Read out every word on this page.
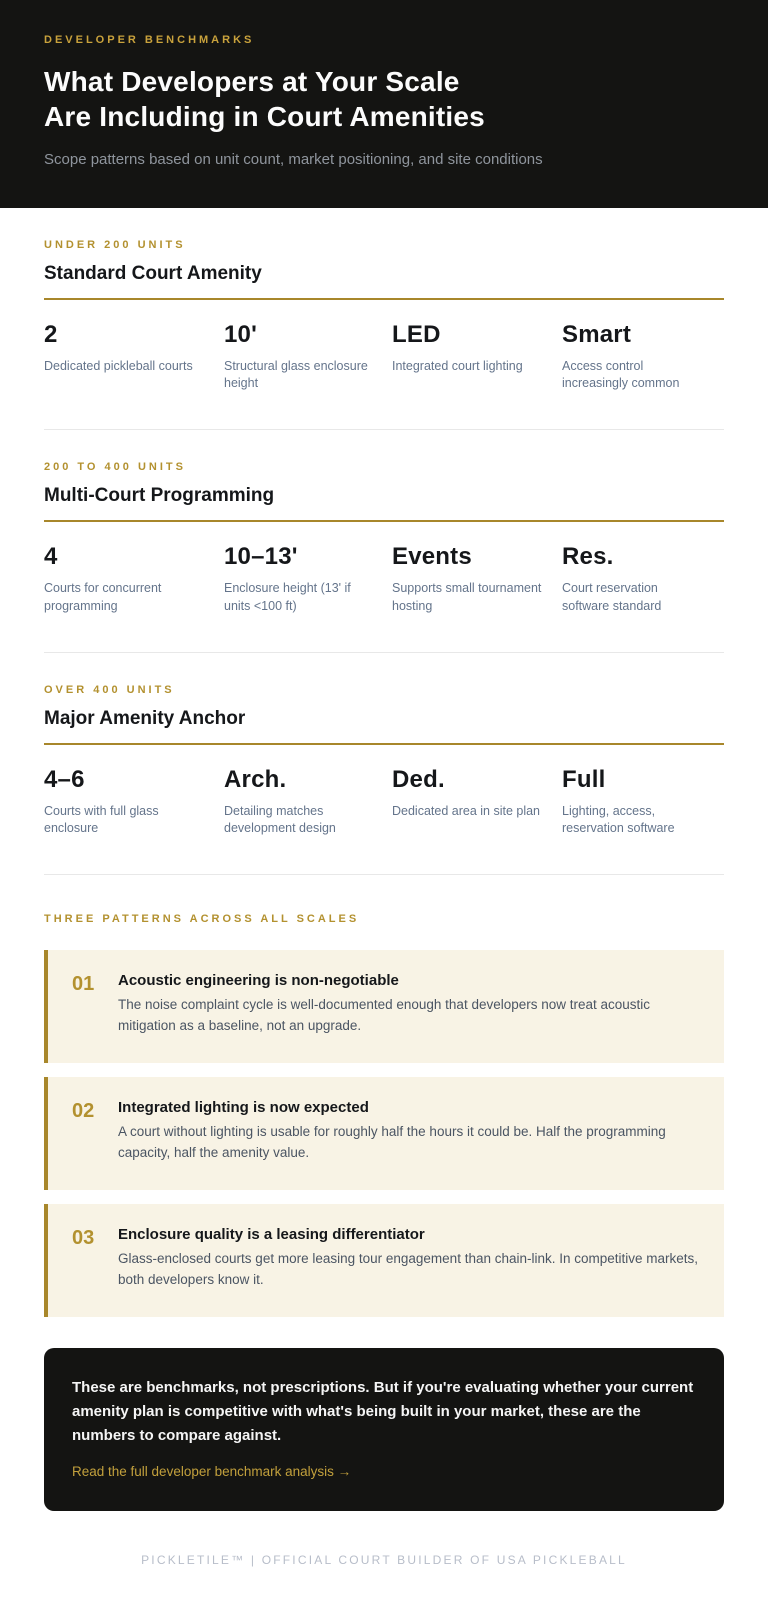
DEVELOPER BENCHMARKS
What Developers at Your Scale
Are Including in Court Amenities

Scope patterns based on unit count, market positioning, and site conditions

UNDER 200 UNITS
Standard Court Amenity
2
Dedicated pickleball courts
10'
Structural glass enclosure height
LED
Integrated court lighting
Smart
Access control increasingly common
200 TO 400 UNITS
Multi-Court Programming
4
Courts for concurrent programming
10–13'
Enclosure height (13' if units <100 ft)
Events
Supports small tournament hosting
Res.
Court reservation software standard
OVER 400 UNITS
Major Amenity Anchor
4–6
Courts with full glass enclosure
Arch.
Detailing matches development design
Ded.
Dedicated area in site plan
Full
Lighting, access, reservation software
THREE PATTERNS ACROSS ALL SCALES
01	Acoustic engineering is non-negotiable
The noise complaint cycle is well-documented enough that developers now treat acoustic mitigation as a baseline, not an upgrade.
02	Integrated lighting is now expected
A court without lighting is usable for roughly half the hours it could be. Half the programming capacity, half the amenity value.
03	Enclosure quality is a leasing differentiator
Glass-enclosed courts get more leasing tour engagement than chain-link. In competitive markets, both developers know it.

These are benchmarks, not prescriptions. But if you're evaluating whether your current amenity plan is competitive with what's being built in your market, these are the numbers to compare against.

Read the full developer benchmark analysis →
PICKLETILE™ | OFFICIAL COURT BUILDER OF USA PICKLEBALL
